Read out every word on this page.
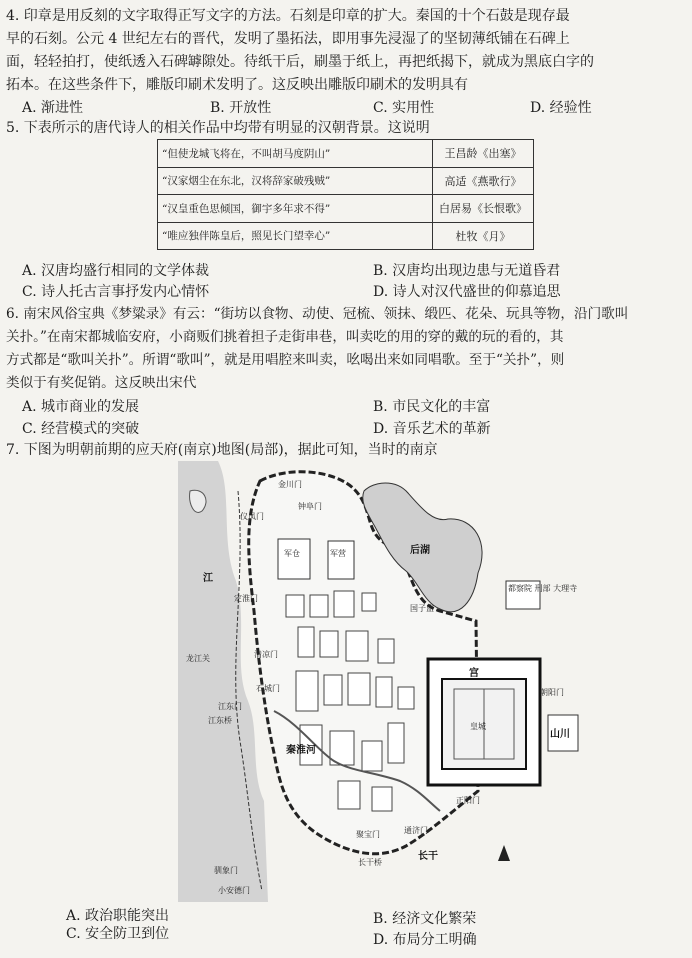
4. 印章是用反刻的文字取得正写文字的方法。石刻是印章的扩大。秦国的十个石鼓是现存最

早的石刻。公元 4 世纪左右的晋代，发明了墨拓法，即用事先浸湿了的坚韧薄纸铺在石碑上

面，轻轻拍打，使纸透入石碑罅隙处。待纸干后，刷墨于纸上，再把纸揭下，就成为黑底白字的

拓本。在这些条件下，雕版印刷术发明了。这反映出雕版印刷术的发明具有

A. 渐进性	B. 开放性	C. 实用性	D. 经验性

5. 下表所示的唐代诗人的相关作品中均带有明显的汉朝背景。这说明

“但使龙城飞将在，不叫胡马度阴山”	王昌龄《出塞》
“汉家烟尘在东北，汉将辞家破残贼”	高适《燕歌行》
“汉皇重色思倾国，御宇多年求不得”	白居易《长恨歌》
“唯应独伴陈皇后，照见长门望幸心”	杜牧《月》
A. 汉唐均盛行相同的文学体裁	B. 汉唐均出现边患与无道昏君
C. 诗人托古言事抒发内心情怀	D. 诗人对汉代盛世的仰慕追思

6. 南宋风俗宝典《梦粱录》有云：“街坊以食物、动使、冠梳、领抹、缎匹、花朵、玩具等物，沿门歌叫

关扑。”在南宋都城临安府，小商贩们挑着担子走街串巷，叫卖吃的用的穿的戴的玩的看的，其

方式都是“歌叫关扑”。所谓“歌叫”，就是用唱腔来叫卖，吆喝出来如同唱歌。至于“关扑”，则

类似于有奖促销。这反映出宋代

A. 城市商业的发展	B. 市民文化的丰富
C. 经营模式的突破	D. 音乐艺术的革新

7. 下图为明朝前期的应天府(南京)地图(局部)，据此可知，当时的南京

江
后湖
宫
皇城
都察院 刑部 大理寺
军仓	军营
秦淮河
山川
金川门
钟阜门
仪凤门
定淮门
清凉门
石城门
江东门
聚宝门	通济门
正阳门
驯象门
小安德门
朝阳门
长干
长干桥
国子监
龙江关
江东桥
A. 政治职能突出	B. 经济文化繁荣
C. 安全防卫到位	D. 布局分工明确
